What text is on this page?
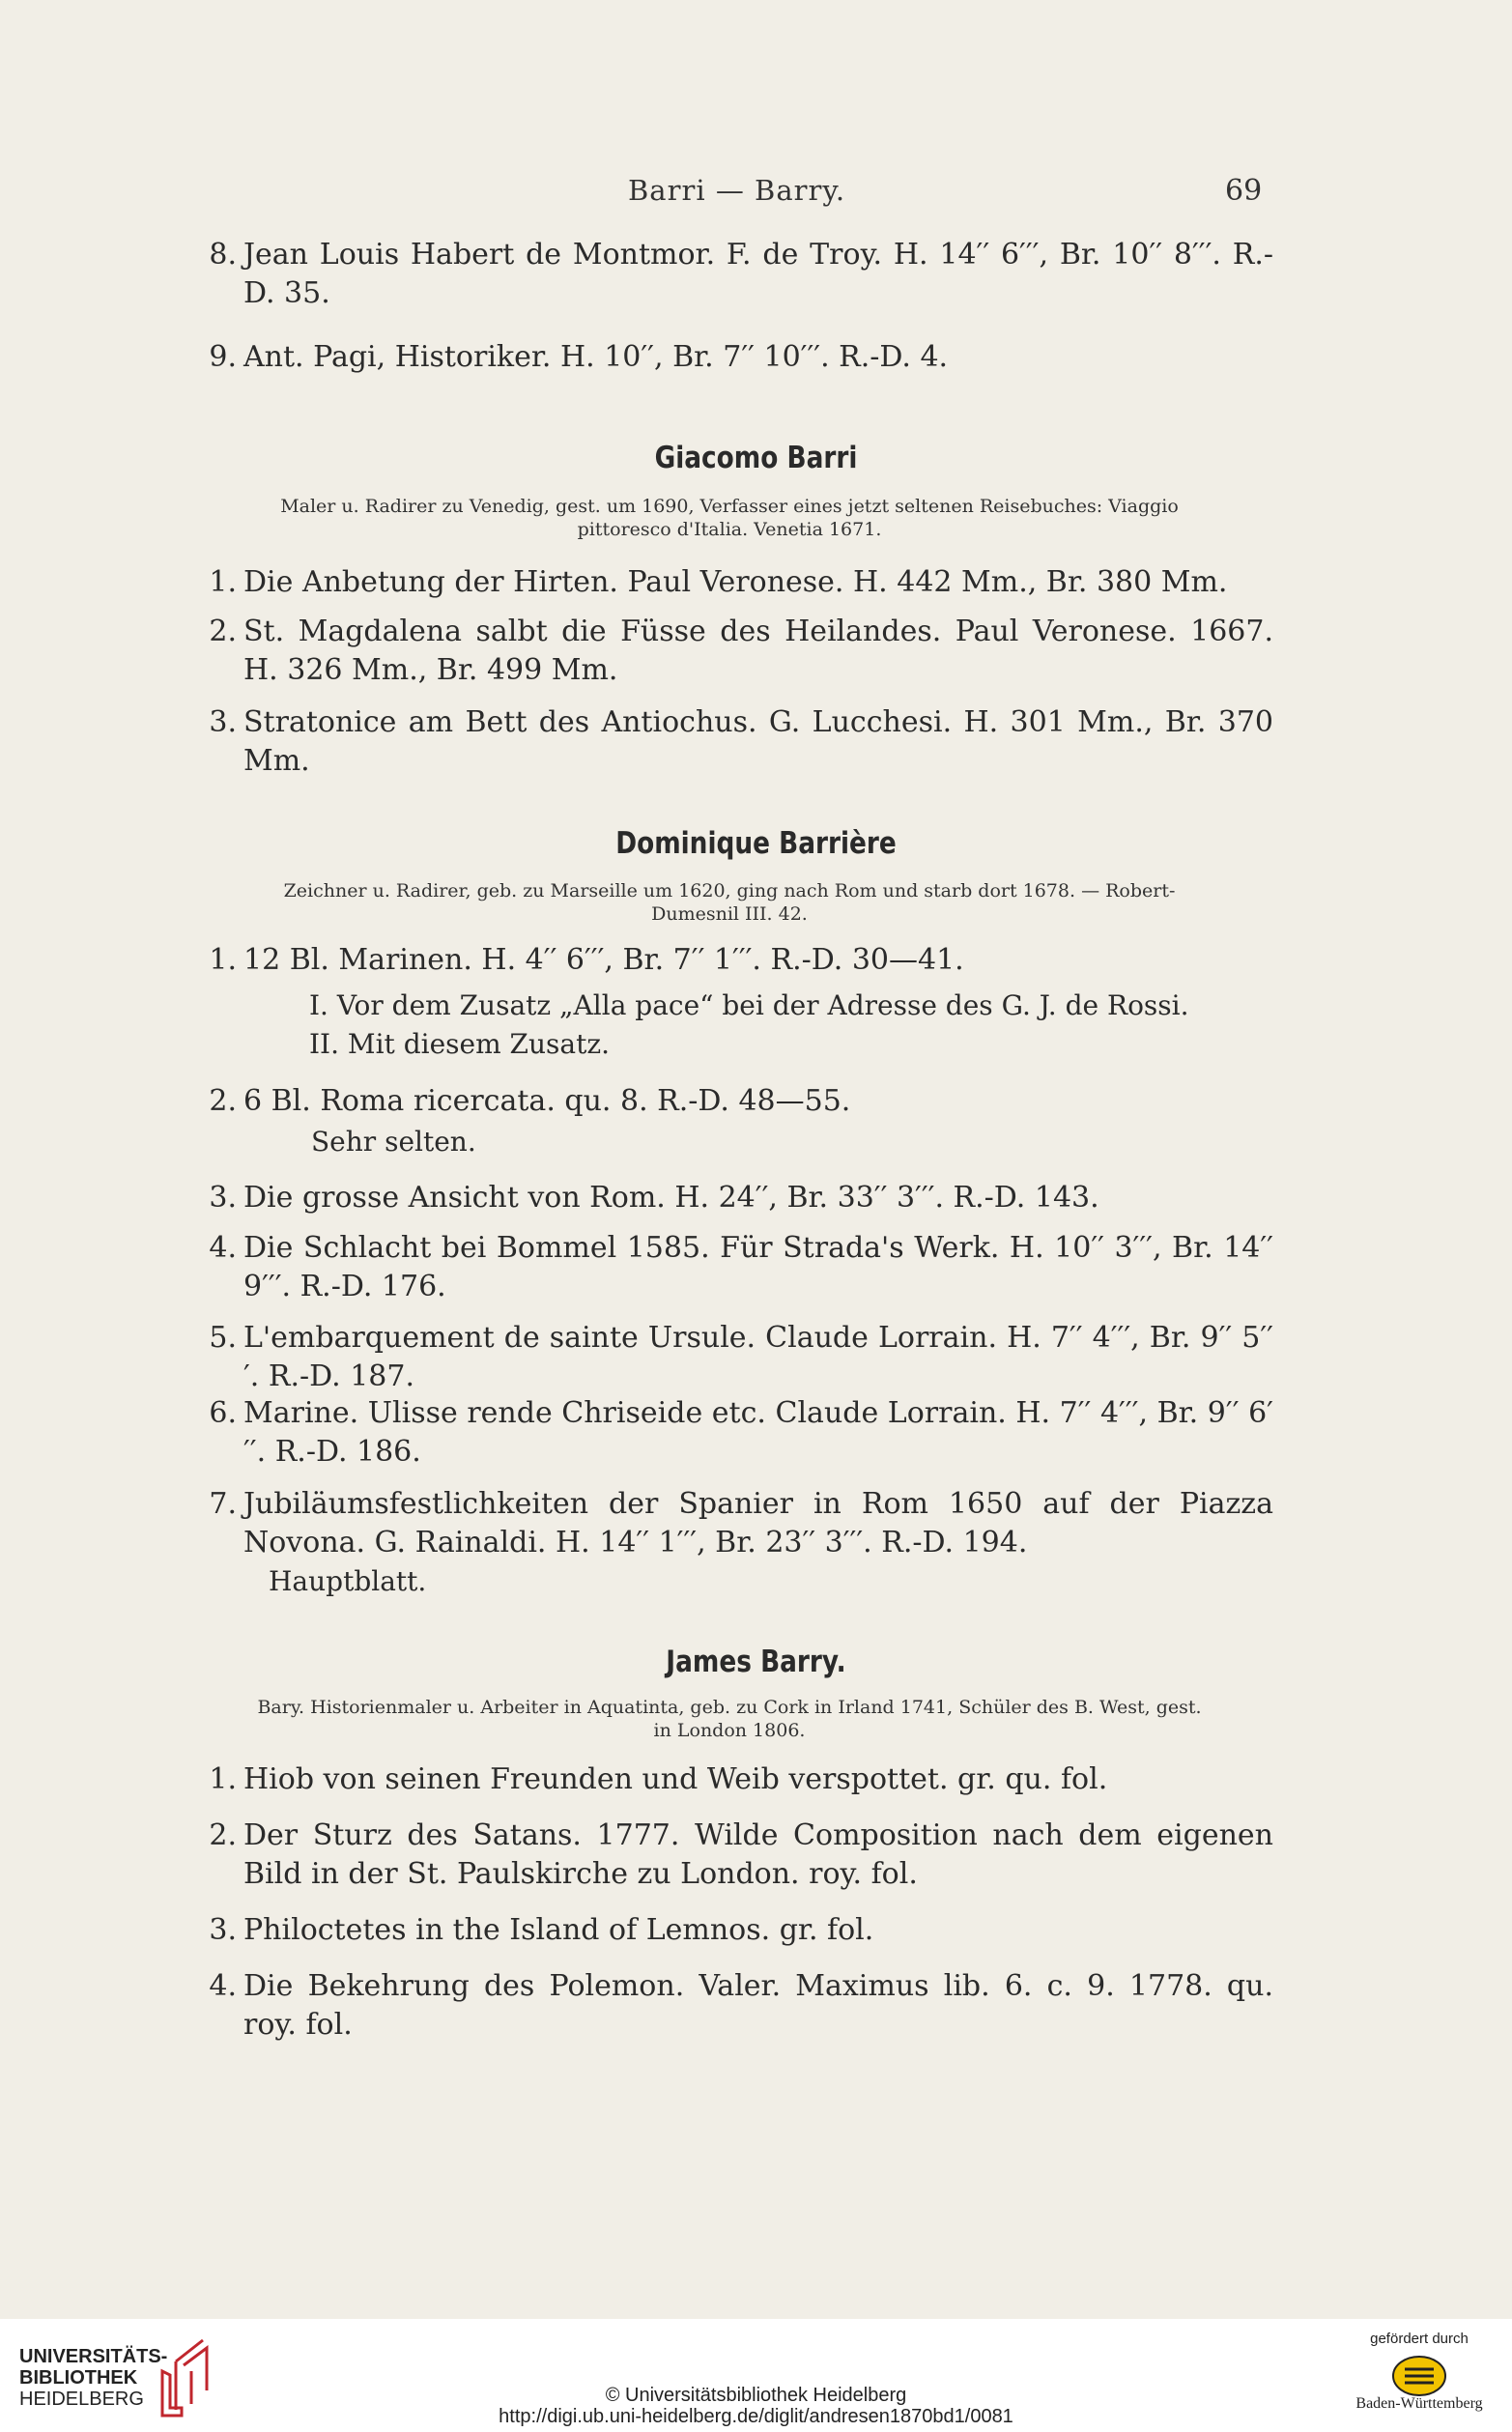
Barri — Barry.	69
8. Jean Louis Habert de Montmor. F. de Troy. H. 14′′ 6′′′, Br. 10′′ 8′′′. R.-D. 35.
9. Ant. Pagi, Historiker. H. 10′′, Br. 7′′ 10′′′. R.-D. 4.
Giacomo Barri
Maler u. Radirer zu Venedig, gest. um 1690, Verfasser eines jetzt seltenen Reisebuches: Viaggio pittoresco d'Italia. Venetia 1671.
1. Die Anbetung der Hirten. Paul Veronese. H. 442 Mm., Br. 380 Mm.
2. St. Magdalena salbt die Füsse des Heilandes. Paul Veronese. 1667. H. 326 Mm., Br. 499 Mm.
3. Stratonice am Bett des Antiochus. G. Lucchesi. H. 301 Mm., Br. 370 Mm.
Dominique Barrière
Zeichner u. Radirer, geb. zu Marseille um 1620, ging nach Rom und starb dort 1678. — Robert-Dumesnil III. 42.
1. 12 Bl. Marinen. H. 4′′ 6′′′, Br. 7′′ 1′′′. R.-D. 30—41.
I. Vor dem Zusatz „Alla pace“ bei der Adresse des G. J. de Rossi.
II. Mit diesem Zusatz.
2. 6 Bl. Roma ricercata. qu. 8. R.-D. 48—55.
Sehr selten.
3. Die grosse Ansicht von Rom. H. 24′′, Br. 33′′ 3′′′. R.-D. 143.
4. Die Schlacht bei Bommel 1585. Für Strada's Werk. H. 10′′ 3′′′, Br. 14′′ 9′′′. R.-D. 176.
5. L'embarquement de sainte Ursule. Claude Lorrain. H. 7′′ 4′′′, Br. 9′′ 5′′′. R.-D. 187.
6. Marine. Ulisse rende Chriseide etc. Claude Lorrain. H. 7′′ 4′′′, Br. 9′′ 6′′′. R.-D. 186.
7. Jubiläumsfestlichkeiten der Spanier in Rom 1650 auf der Piazza Novona. G. Rainaldi. H. 14′′ 1′′′, Br. 23′′ 3′′′. R.-D. 194.
Hauptblatt.
James Barry.
Bary. Historienmaler u. Arbeiter in Aquatinta, geb. zu Cork in Irland 1741, Schüler des B. West, gest. in London 1806.
1. Hiob von seinen Freunden und Weib verspottet. gr. qu. fol.
2. Der Sturz des Satans. 1777. Wilde Composition nach dem eigenen Bild in der St. Paulskirche zu London. roy. fol.
3. Philoctetes in the Island of Lemnos. gr. fol.
4. Die Bekehrung des Polemon. Valer. Maximus lib. 6. c. 9. 1778. qu. roy. fol.
UNIVERSITÄTS-
BIBLIOTHEK
HEIDELBERG	© Universitätsbibliothek Heidelberg
http://digi.ub.uni-heidelberg.de/diglit/andresen1870bd1/0081
gefördert durch
Baden-Württemberg
